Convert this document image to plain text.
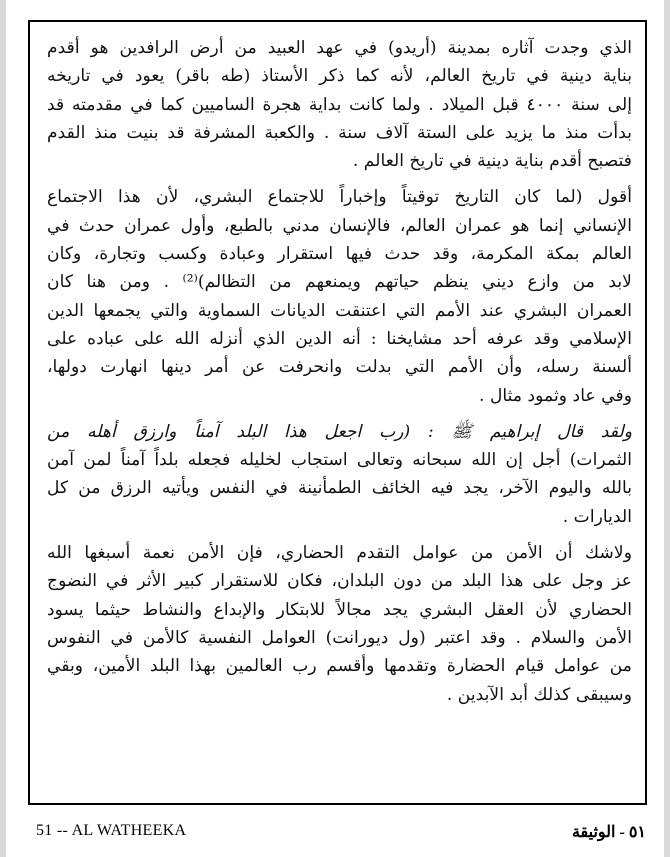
الذي وجدت آثاره بمدينة (أريدو) في عهد العبيد من أرض الرافدين هو أقدم
بناية دينية في تاريخ العالم، لأنه كما ذكر الأستاذ (طه باقر) يعود في تاريخه
إلى سنة ٤٠٠٠ قبل الميلاد . ولما كانت بداية هجرة الساميين كما في مقدمته قد
بدأت منذ ما يزيد على الستة آلاف سنة . والكعبة المشرفة قد بنيت منذ القدم
فتصبح أقدم بناية دينية في تاريخ العالم .
أقول (لما كان التاريخ توقيتاً وإخباراً للاجتماع البشري، لأن هذا الاجتماع
الإنساني إنما هو عمران العالم، فالإنسان مدني بالطبع، وأول عمران حدث في
العالم بمكة المكرمة، وقد حدث فيها استقرار وعبادة وكسب وتجارة، وكان
لابد من وازع ديني ينظم حياتهم ويمنعهم من التظالم)⁽²⁾ . ومن هنا كان
العمران البشري عند الأمم التي اعتنقت الديانات السماوية والتي يجمعها الدين
الإسلامي وقد عرفه أحد مشايخنا : أنه الدين الذي أنزله الله على عباده على
ألسنة رسله، وأن الأمم التي بدلت وانحرفت عن أمر دينها انهارت دولها،
وفي عاد وثمود مثال .
ولقد قال إبراهيم ﷺ : (رب اجعل هذا البلد آمناً وارزق أهله من
الثمرات) أجل إن الله سبحانه وتعالى استجاب لخليله فجعله بلداً آمناً لمن آمن
بالله واليوم الآخر، يجد فيه الخائف الطمأنينة في النفس ويأتيه الرزق من كل
الديارات .
ولاشك أن الأمن من عوامل التقدم الحضاري، فإن الأمن نعمة أسبغها الله
عز وجل على هذا البلد من دون البلدان، فكان للاستقرار كبير الأثر في النضوج
الحضاري لأن العقل البشري يجد مجالاً للابتكار والإبداع والنشاط حيثما يسود
الأمن والسلام . وقد اعتبر (ول ديورانت) العوامل النفسية كالأمن في النفوس
من عوامل قيام الحضارة وتقدمها وأقسم رب العالمين بهذا البلد الأمين، وبقي
وسيبقى كذلك أبد الآبدين .
51 -- AL WATHEEKA	٥١ - الوثيقة
